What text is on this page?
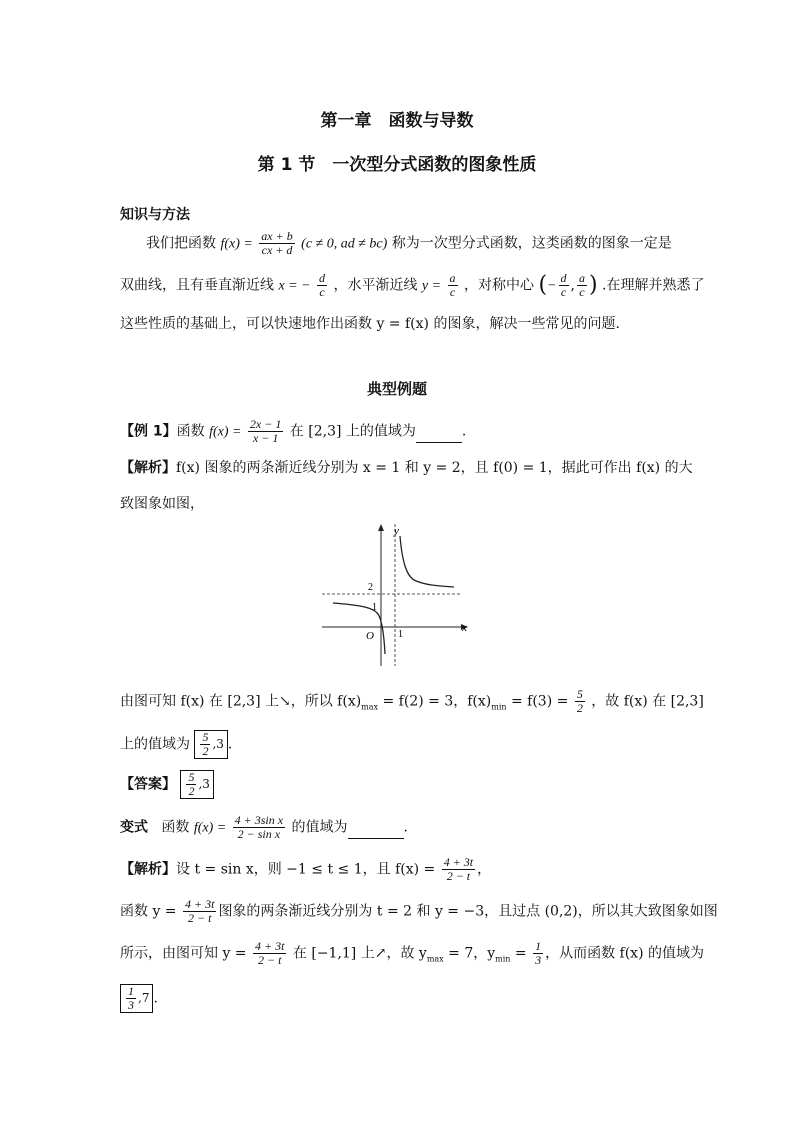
第一章　函数与导数
第 1 节　一次型分式函数的图象性质
知识与方法
我们把函数 $f(x) = \frac{ax + b}{cx + d} (c \ne 0$, ad ≠ bc) 称为一次型分式函数，这类函数的图象一定是
双曲线，且有垂直渐近线 x = − $\frac{d}{c}$ ，水平渐近线 $y = \frac{a}{c}$ ，对称中心 (− $\frac{d}{c}$ , $\frac{a}{c}$ ) .在理解并熟悉了
这些性质的基础上，可以快速地作出函数 y = f(x) 的图象，解决一些常见的问题.
典型例题
【例 1】函数 $f(x) = \frac{2x - 1}{x - 1}$ 在 [2,3] 上的值域为	.
【解析】f(x) 图象的两条渐近线分别为 x = 1 和 y = 2，且 f(0) = 1，据此可作出 f(x) 的大
致图象如图，
y
x
O 1
1
2
由图可知 f(x) 在 [2,3] 上↘，所以 $f(x)_{max} = f(2) = 3$，$f(x)_{min} = f(3) = \frac{5}{2}$ ，故 f(x) 在 [2,3]
上的值域为 $\frac{5}{2} ,3$ .
【答案】 $\frac{5}{2} ,3$
变式 函数 $f(x) = \frac{\text{4 + 3sin x}}{\text{2 − sin x}}$ 的值域为	.
【解析】设 t = sin x，则 −1 ≤ t ≤ 1，且 $f(x) = \frac{4 + 3t}{2 - t}$ ，
函数 $y = \frac{4 + 3t}{2 - t}$ 图象的两条渐近线分别为 t = 2 和 y = −3，且过点 (0,2)，所以其大致图象如图
所示，由图可知 $y = \frac{4 + 3t}{2 - t}$ 在 [−1,1] 上↗，故 $y_{max} = 7$，$y_{min} = \frac{1}{3}$ ，从而函数 f(x) 的值域为
$\frac{1}{3} ,7$ .
